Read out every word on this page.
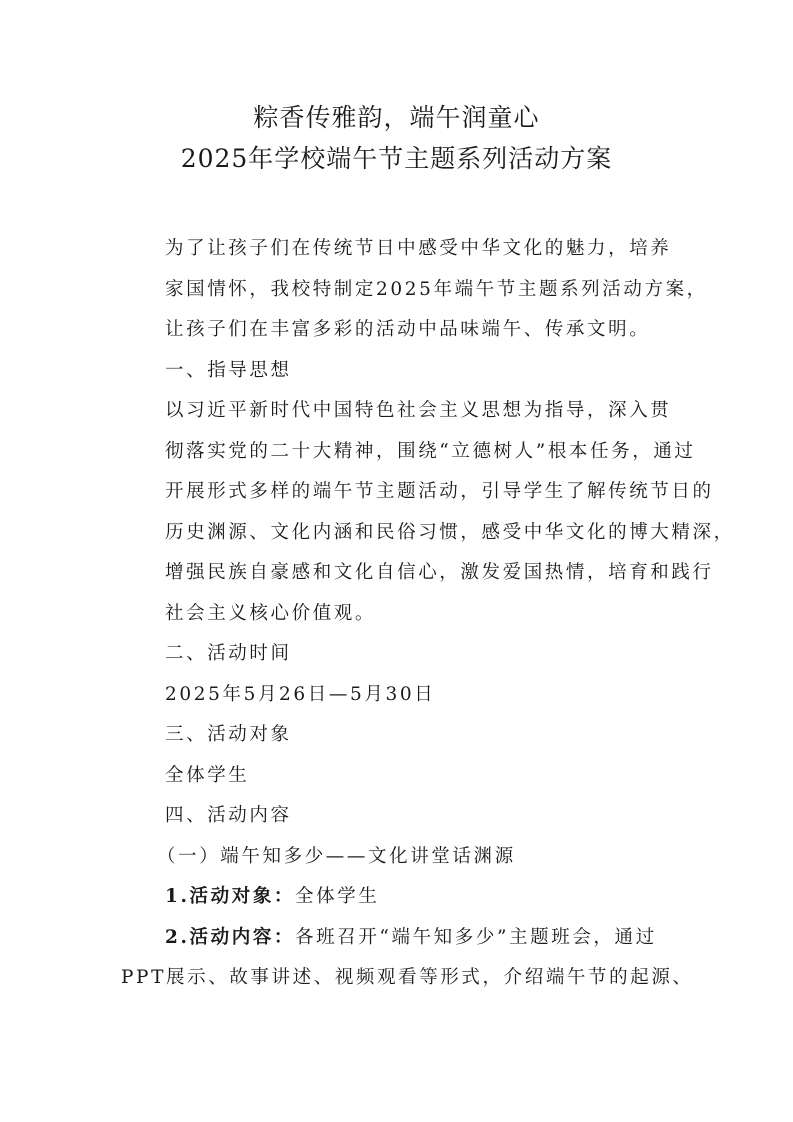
粽香传雅韵，端午润童心
2025年学校端午节主题系列活动方案
为了让孩子们在传统节日中感受中华文化的魅力，培养
家国情怀，我校特制定2025年端午节主题系列活动方案，
让孩子们在丰富多彩的活动中品味端午、传承文明。
一、指导思想
以习近平新时代中国特色社会主义思想为指导，深入贯
彻落实党的二十大精神，围绕“立德树人”根本任务，通过
开展形式多样的端午节主题活动，引导学生了解传统节日的
历史渊源、文化内涵和民俗习惯，感受中华文化的博大精深，
增强民族自豪感和文化自信心，激发爱国热情，培育和践行
社会主义核心价值观。
二、活动时间
2025年5月26日—5月30日
三、活动对象
全体学生
四、活动内容
（一）端午知多少——文化讲堂话渊源
1.活动对象：全体学生
2.活动内容：各班召开“端午知多少”主题班会，通过
PPT展示、故事讲述、视频观看等形式，介绍端午节的起源、
